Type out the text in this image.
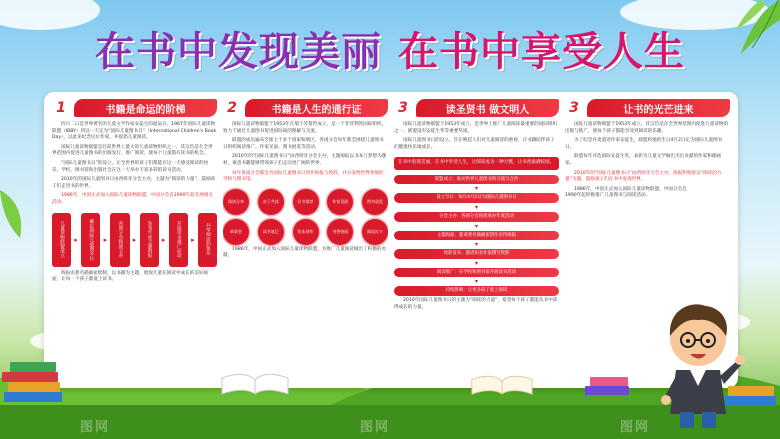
在书中发现美丽 在书中享受人生
1	书籍是命运的阶梯

四月二日是世界著名的儿童文学作家安徒生的诞辰日，1967年国际儿童读物联盟（IBBY）将这一天定为“国际儿童图书日”（International Children's Book Day），以此来纪念这位作家，并提倡儿童阅读。

国际儿童读物联盟是目前世界上最大的儿童读物组织之一，其宗旨是在全世界范围内促进儿童图书的出版发行、推广阅读，使每个儿童都有读书的机会。

“国际儿童图书日”的设立，让全世界的孩子们都能在这一天感受阅读的快乐，学校、图书馆和出版社会在这一天举办丰富多彩的读书活动。

2010年的国际儿童图书日由西班牙分会主办，主题为“阅读的力量”，鼓励孩子们走进书的世界。

1986年，中国正式加入国际儿童读物联盟，中国分会自1990年起开展相关活动。

儿童读物联盟成立	▸	确定国际儿童图书日	▸	各国分会轮流主办	▸	发布年度主题海报	▸	开展读书推广活动	▸	共享阅读的快乐

海报由著名插画家绘制，以书籍为主题，展现儿童在阅读中成长的美好画面，让每一个孩子都爱上读书。

2	书籍是人生的通行证

国际儿童读物联盟于1953年在瑞士苏黎世成立，是一个非营利的国际组织，致力于通过儿童图书促进国际间的理解与交流。

联盟的成员遍布全球七十多个国家和地区，各国分会每年都会围绕儿童图书日组织阅读推广、作家见面、图书展览等活动。

2010年的“国际儿童图书日”由西班牙分会主办，主题海报以书本与梦想为题材，寓意书籍能够带领孩子们走向更广阔的世界。

每年各国分会都会为国际儿童图书日创作海报与致辞，并分发给世界各地的学校与图书馆。

阅读分享	亲子共读	好书推荐	作家见面	图书展览
故事会	读书笔记	绘本创作	书香校园	阅读打卡

1986年，中国正式加入国际儿童读物联盟，为推广儿童阅读做出了积极的贡献。

3	读圣贤书 做文明人

国际儿童读物联盟于1953年成立，是世界上推广儿童阅读最重要的国际组织之一，联盟设有安徒生奖等重要奖项。

国际儿童图书日的设立，旨在唤起人们对儿童阅读的重视，让书籍陪伴孩子们健康快乐地成长。

在书中发现美丽，在书中享受人生，让阅读成为一种习惯，让书香溢满校园。
联盟成立：推动世界儿童图书的交流与合作
▾
设立节日：每年4月2日为国际儿童图书日
▾
分会主办：各国分会轮流承办年度活动
▾
主题海报：邀请著名插画家创作宣传海报
▾
致辞发布：邀请知名作家撰写致辞
▾
阅读推广：在学校和图书馆开展读书活动
▾
持续影响：让更多孩子爱上阅读

2010年国际儿童图书日的主题为“阅读的力量”，希望每个孩子都能从书中获得成长的力量。

3	让书的光芒进来

国际儿童读物联盟于1953年成立，其宗旨是在全世界范围内促进儿童读物的出版与推广，使每个孩子都能享受到阅读的乐趣。

为了纪念丹麦童话作家安徒生，联盟将他的生日4月2日定为国际儿童图书日。

联盟每年评选国际安徒生奖，表彰为儿童文学做出杰出贡献的作家和插画家。

2010年的“国际儿童图书日”由西班牙分会主办，海报和致辞以“阅读的力量”为题，鼓励孩子们在书中发现世界。

1986年，中国正式加入国际儿童读物联盟，中国分会自1990年起积极推广儿童图书与阅读活动。

图网	图网	图网
